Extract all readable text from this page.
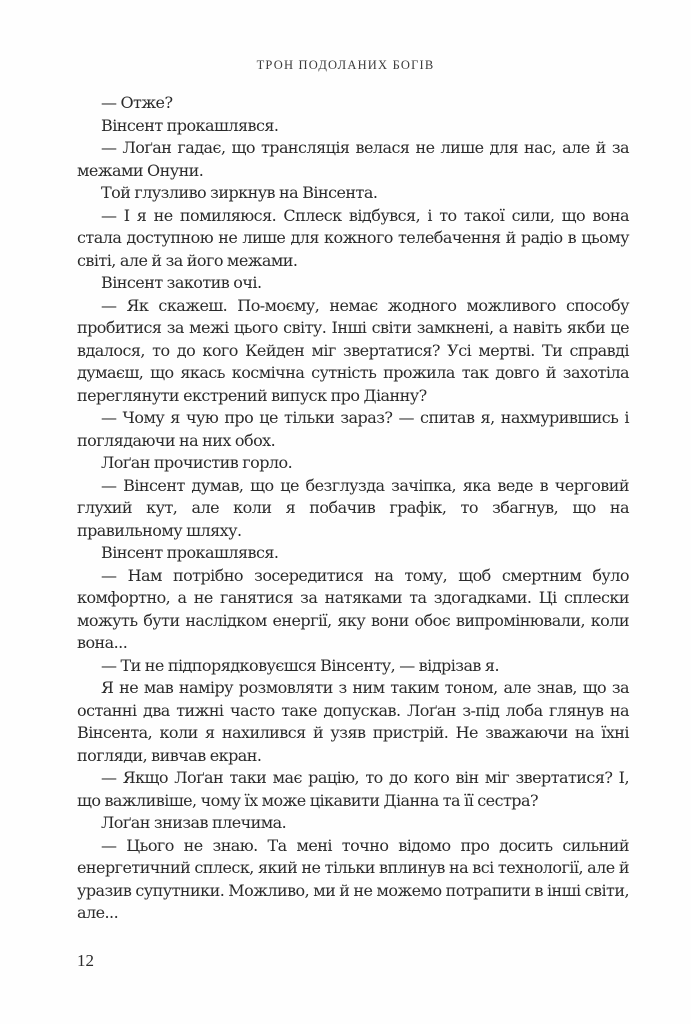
ТРОН ПОДОЛАНИХ БОГІВ

— Отже?

Вінсент прокашлявся.

— Лоґан гадає, що трансляція велася не лише для нас, але й за межами Онуни.

Той глузливо зиркнув на Вінсента.

— І я не помиляюся. Сплеск відбувся, і то такої сили, що вона стала доступною не лише для кожного телебачення й радіо в цьому світі, але й за його межами.

Вінсент закотив очі.

— Як скажеш. По-моєму, немає жодного можливого способу пробитися за межі цього світу. Інші світи замкнені, а навіть якби це вдалося, то до кого Кейден міг звертатися? Усі мертві. Ти справді думаєш, що якась космічна сутність прожила так довго й захотіла переглянути екстрений випуск про Діанну?

— Чому я чую про це тільки зараз? — спитав я, нахмурившись і поглядаючи на них обох.

Лоґан прочистив горло.

— Вінсент думав, що це безглузда зачіпка, яка веде в черговий глухий кут, але коли я побачив графік, то збагнув, що на правильному шляху.

Вінсент прокашлявся.

— Нам потрібно зосередитися на тому, щоб смертним було комфортно, а не ганятися за натяками та здогадками. Ці сплески можуть бути наслідком енергії, яку вони обоє випромінювали, коли вона...

— Ти не підпорядковуєшся Вінсенту, — відрізав я.

Я не мав наміру розмовляти з ним таким тоном, але знав, що за останні два тижні часто таке допускав. Лоґан з-під лоба глянув на Вінсента, коли я нахилився й узяв пристрій. Не зважаючи на їхні погляди, вивчав екран.

— Якщо Лоґан таки має рацію, то до кого він міг звертатися? І, що важливіше, чому їх може цікавити Діанна та її сестра?

Лоґан знизав плечима.

— Цього не знаю. Та мені точно відомо про досить сильний енергетичний сплеск, який не тільки вплинув на всі технології, але й уразив супутники. Можливо, ми й не можемо потрапити в інші світи, але...

12
